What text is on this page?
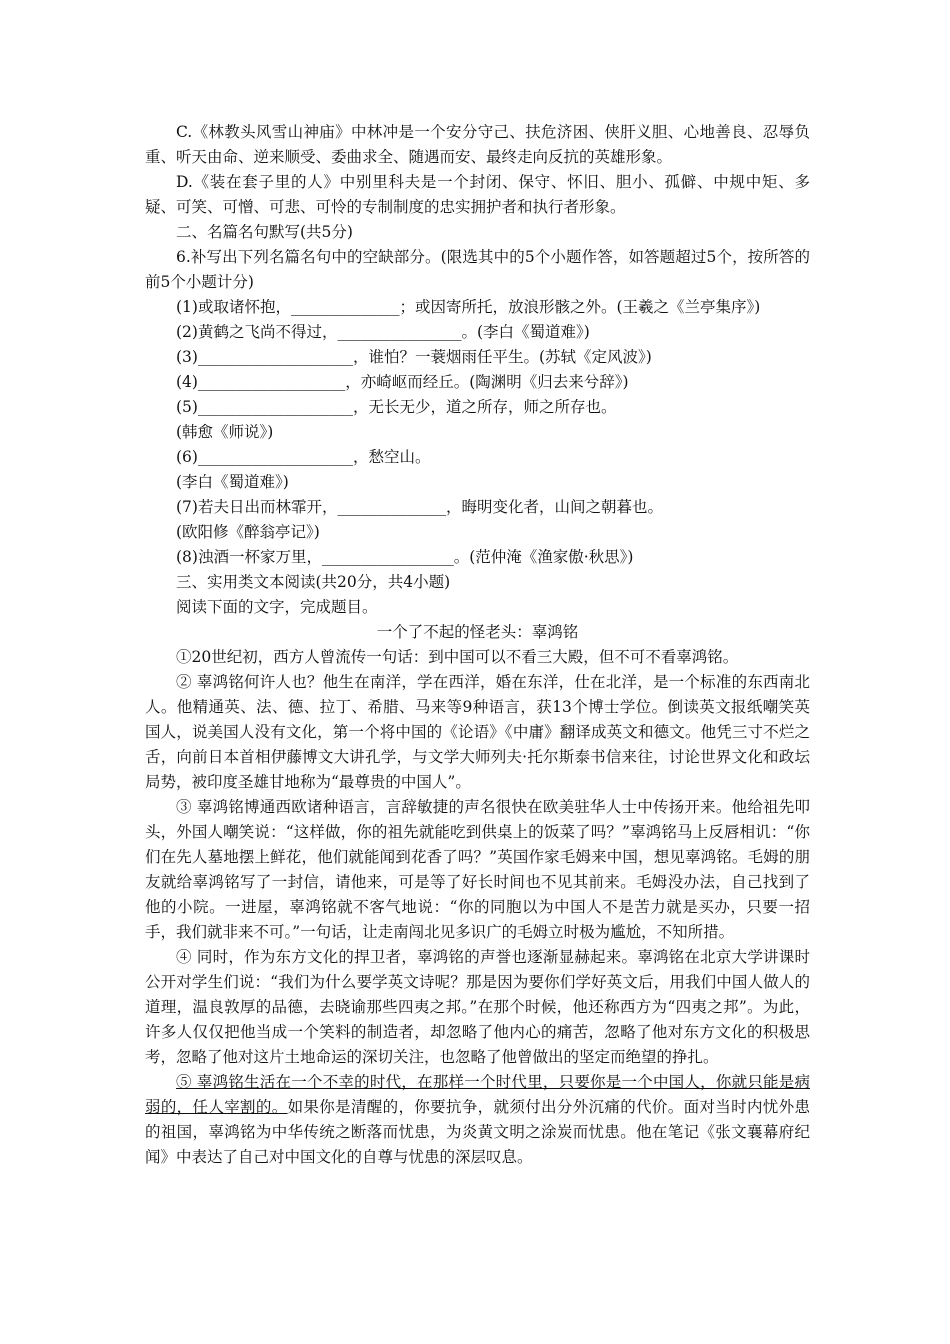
C.《林教头风雪山神庙》中林冲是一个安分守己、扶危济困、侠肝义胆、心地善良、忍辱负重、听天由命、逆来顺受、委曲求全、随遇而安、最终走向反抗的英雄形象。

D.《装在套子里的人》中别里科夫是一个封闭、保守、怀旧、胆小、孤僻、中规中矩、多疑、可笑、可憎、可悲、可怜的专制制度的忠实拥护者和执行者形象。

二、名篇名句默写(共5分)

6.补写出下列名篇名句中的空缺部分。(限选其中的5个小题作答，如答题超过5个，按所答的前5个小题计分)

(1)或取诸怀抱，______________；或因寄所托，放浪形骸之外。(王羲之《兰亭集序》)

(2)黄鹤之飞尚不得过，________________。(李白《蜀道难》)

(3)____________________，谁怕？一蓑烟雨任平生。(苏轼《定风波》)

(4)___________________，亦崎岖而经丘。(陶渊明《归去来兮辞》)

(5)____________________，无长无少，道之所存，师之所存也。

(韩愈《师说》)

(6)____________________，愁空山。

(李白《蜀道难》)

(7)若夫日出而林霏开，______________，晦明变化者，山间之朝暮也。

(欧阳修《醉翁亭记》)

(8)浊酒一杯家万里，_________________。(范仲淹《渔家傲·秋思》)

三、实用类文本阅读(共20分，共4小题)

阅读下面的文字，完成题目。

一个了不起的怪老头：辜鸿铭

①20世纪初，西方人曾流传一句话：到中国可以不看三大殿，但不可不看辜鸿铭。

② 辜鸿铭何许人也？他生在南洋，学在西洋，婚在东洋，仕在北洋，是一个标准的东西南北人。他精通英、法、德、拉丁、希腊、马来等9种语言，获13个博士学位。倒读英文报纸嘲笑英国人，说美国人没有文化，第一个将中国的《论语》《中庸》翻译成英文和德文。他凭三寸不烂之舌，向前日本首相伊藤博文大讲孔学，与文学大师列夫·托尔斯泰书信来往，讨论世界文化和政坛局势，被印度圣雄甘地称为“最尊贵的中国人”。

③ 辜鸿铭博通西欧诸种语言，言辞敏捷的声名很快在欧美驻华人士中传扬开来。他给祖先叩头，外国人嘲笑说：“这样做，你的祖先就能吃到供桌上的饭菜了吗？”辜鸿铭马上反唇相讥：“你们在先人墓地摆上鲜花，他们就能闻到花香了吗？”英国作家毛姆来中国，想见辜鸿铭。毛姆的朋友就给辜鸿铭写了一封信，请他来，可是等了好长时间也不见其前来。毛姆没办法，自己找到了他的小院。一进屋，辜鸿铭就不客气地说：“你的同胞以为中国人不是苦力就是买办，只要一招手，我们就非来不可。”一句话，让走南闯北见多识广的毛姆立时极为尴尬，不知所措。

④ 同时，作为东方文化的捍卫者，辜鸿铭的声誉也逐渐显赫起来。辜鸿铭在北京大学讲课时公开对学生们说：“我们为什么要学英文诗呢？那是因为要你们学好英文后，用我们中国人做人的道理，温良敦厚的品德，去晓谕那些四夷之邦。”在那个时候，他还称西方为“四夷之邦”。为此，许多人仅仅把他当成一个笑料的制造者，却忽略了他内心的痛苦，忽略了他对东方文化的积极思考，忽略了他对这片土地命运的深切关注，也忽略了他曾做出的坚定而绝望的挣扎。

⑤ 辜鸿铭生活在一个不幸的时代，在那样一个时代里，只要你是一个中国人，你就只能是病弱的，任人宰割的。如果你是清醒的，你要抗争，就须付出分外沉痛的代价。面对当时内忧外患的祖国，辜鸿铭为中华传统之断落而忧患，为炎黄文明之涂炭而忧患。他在笔记《张文襄幕府纪闻》中表达了自己对中国文化的自尊与忧患的深层叹息。
